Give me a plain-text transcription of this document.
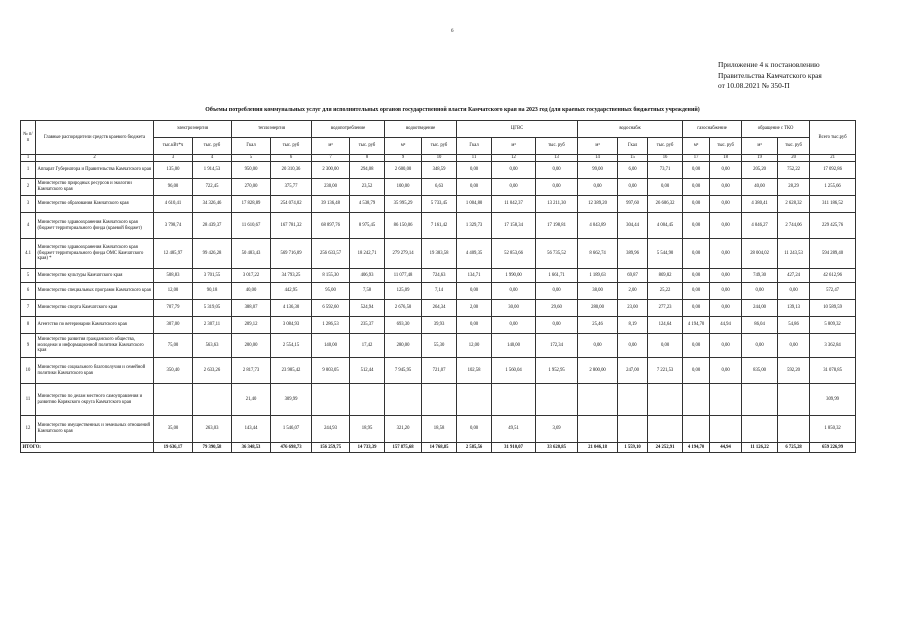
6
Приложение 4 к постановлению
Правительства Камчатского края
от 10.08.2021 № 350-П
Объемы потребления коммунальных услуг для исполнительных органов государственной власти Камчатского края на 2023 год (для краевых государственных бюджетных учреждений)
№ п/п	Главные распорядители средств краевого бюджета	электроэнергия		теплоэнергия		водопотребление		водоотведение		ЦГВС			водоснабж			газоснабжение		обращение с ТКО		Всего тыс.руб
		тыс.кВт*ч	тыс. руб	Гкал	тыс. руб	м³	тыс. руб	м³	тыс. руб	Гкал	м³	тыс. руб	м³	Гкал	тыс. руб	м³	тыс. руб	м³	тыс. руб	
1	2	3	4	5	6	7	8	9	10	11	12	13	14	15	16	17	18	19	20	21
1	Аппарат Губернатора и Правительства Камчатского края	135,00	1 914,53	950,00	20 310,36	2 300,00	294,08	2 600,00	348,59	0,00	0,00	0,00	99,00	6,00	73,71	0,00	0,00	205,20	752,22	17 092,86
2	Министерство природных ресурсов и экологии Камчатского края	96,00	722,45	270,00	375,77	230,00	23,52	100,00	6,63	0,00	0,00	0,00	0,00	0,00	0,00	0,00	0,00	40,00	28,29	1 255,66
3	Министерство образования Камчатского края	4 610,41	34 326,46	17 828,89	254 074,02	39 136,48	4 538,79	35 995,29	5 733,45	1 004,80	11 042,37	13 211,30	12 389,20	997,60	26 606,32	0,00	0,00	4 380,41	2 628,32	311 186,52
4	Министерство здравоохранения Камчатского края (бюджет территориального фонда (краевой бюджет)	3 798,74	28 439,37	11 610,67	167 781,32	68 897,76	8 975,45	86 150,06	7 161,42	1 329,73	17 158,34	17 198,81	4 043,89	304,44	4 004,45	0,00	0,00	4 046,27	2 744,06	229 425,76
4.1	Министерство здравоохранения Камчатского края (бюджет территориального фонда ОМС Камчатского края) *	12 485,97	99 426,28	50 483,43	569 716,09	256 633,57	18 242,71	279 279,14	19 383,58	4 409,35	52 853,66	56 735,52	8 662,74	389,96	5 544,90	0,00	0,00	28 004,02	11 243,53	594 289,40
5	Министерство культуры Камчатского края	508,83	3 701,55	3 017,22	34 793,25	8 155,30	406,93	11 077,48	724,63	134,71	1 990,00	1 661,71	1 189,63	69,87	869,82	0,00	0,00	749,30	427,24	42 612,96
6	Министерство специальных программ Камчатского края	12,00	90,18	40,00	442,95	95,00	7,58	125,09	7,14	0,00	0,00	0,00	38,00	2,00	25,22	0,00	0,00	0,00	0,00	572,47
7	Министерство спорта Камчатского края	707,79	5 319,05	388,07	4 136,30	6 592,60	524,94	2 676,50	264,34	2,00	30,00	29,60	280,00	23,00	277,23	0,00	0,00	244,00	139,13	10 589,59
8	Агентство по ветеринарии Камчатского края	307,00	2 307,11	209,12	3 084,93	1 286,53	235,37	693,30	39,93	0,00	0,00	0,00	25,46	8,19	124,64	4 194,70	44,94	86,04	54,86	5 809,32
9	Министерство развития гражданского общества, молодежи и информационной политики Камчатского края	75,00	563,63	200,00	2 554,15	140,00	17,42	280,00	55,30	12,00	140,00	172,34	0,00	0,00	0,00	0,00	0,00	0,00	0,00	3 362,84
10	Министерство социального благополучия и семейной политики Камчатского края	350,40	2 633,26	2 817,73	23 985,42	9 003,05	512,44	7 945,95	721,07	102,58	1 560,04	1 952,95	2 800,00	247,00	7 221,53	0,00	0,00	835,00	592,20	31 078,85
11	Министерство по делам местного самоуправления и развитию Корякского округа Камчатского края			21,40	309,99															309,99
12	Министерство имущественных и земельных отношений Камчатского края	35,00	263,03	143,44	1 546,07	244,93	18,95	321,20	18,58	0,00	49,51	3,69								1 850,32
ИТОГО:		19 636,17	79 390,58	36 348,53	476 698,73	156 259,75	14 733,39	157 875,68	14 768,85	2 585,56	31 910,07	33 620,85	21 046,18	1 559,10	24 252,91	4 194,70	44,94	11 126,22	6 725,28	659 226,99
